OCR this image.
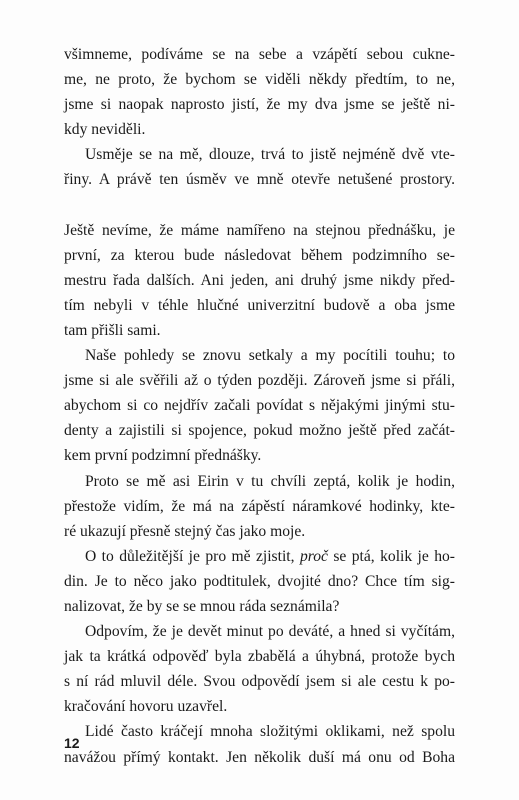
všimneme, podíváme se na sebe a vzápětí sebou cukne-
me, ne proto, že bychom se viděli někdy předtím, to ne,
jsme si naopak naprosto jistí, že my dva jsme se ještě ni-
kdy neviděli.

Usměje se na mě, dlouze, trvá to jistě nejméně dvě vte-
řiny. A právě ten úsměv ve mně otevře netušené prostory.

Ještě nevíme, že máme namířeno na stejnou přednášku, je
první, za kterou bude následovat během podzimního se-
mestru řada dalších. Ani jeden, ani druhý jsme nikdy před-
tím nebyli v téhle hlučné univerzitní budově a oba jsme
tam přišli sami.

Naše pohledy se znovu setkaly a my pocítili touhu; to
jsme si ale svěřili až o týden později. Zároveň jsme si přáli,
abychom si co nejdřív začali povídat s nějakými jinými stu-
denty a zajistili si spojence, pokud možno ještě před začát-
kem první podzimní přednášky.

Proto se mě asi Eirin v tu chvíli zeptá, kolik je hodin,
přestože vidím, že má na zápěstí náramkové hodinky, kte-
ré ukazují přesně stejný čas jako moje.

O to důležitější je pro mě zjistit, proč se ptá, kolik je ho-
din. Je to něco jako podtitulek, dvojité dno? Chce tím sig-
nalizovat, že by se se mnou ráda seznámila?

Odpovím, že je devět minut po deváté, a hned si vyčítám,
jak ta krátká odpověď byla zbabělá a úhybná, protože bych
s ní rád mluvil déle. Svou odpovědí jsem si ale cestu k po-
kračování hovoru uzavřel.

Lidé často kráčejí mnoha složitými oklikami, než spolu
navážou přímý kontakt. Jen několik duší má onu od Boha

12
